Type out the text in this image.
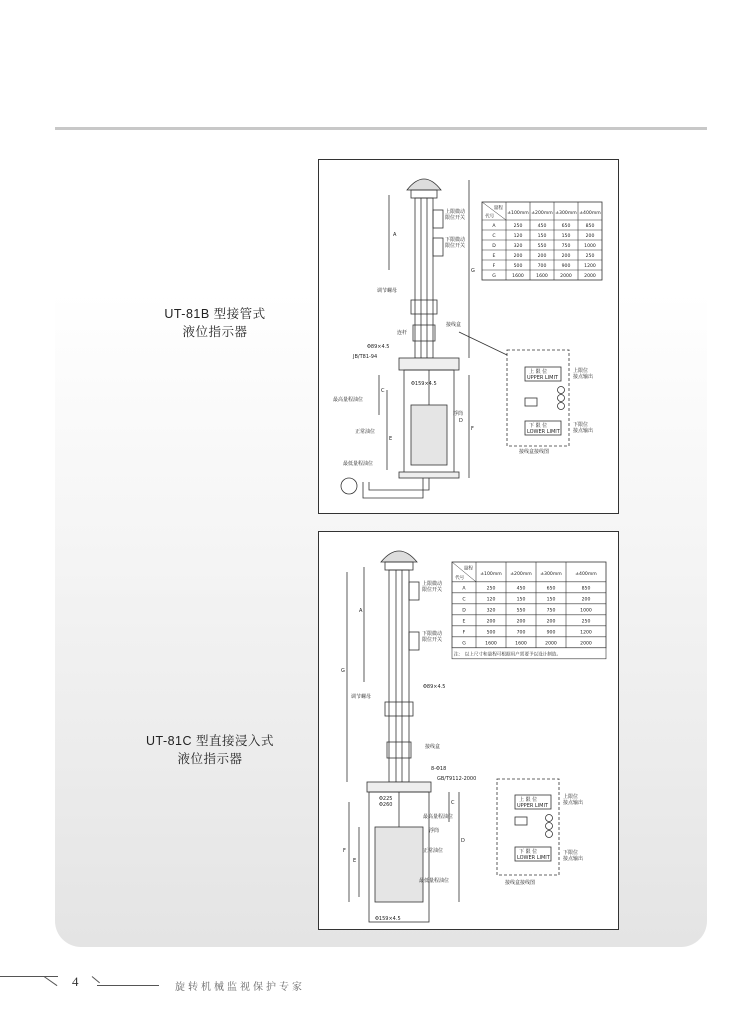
UT-81B 型接管式
液位指示器
UT-81C 型直接浸入式
液位指示器
上限微动限位开关
下限微动限位开关
调节螺母
连杆
接线盒
Φ89×4.5
JB/T81-94
Φ159×4.5
最高量程油位
正常油位
最低量程油位
浮筒
A
G
C
E
F
D
上 限 位
UPPER LIMIT
下 限 位
LOWER LIMIT
上限位接点输出
下限位接点输出
接线盒接线图
量程
代号
±100mm ±200mm ±300mm ±400mm
A	250	450	650	850
C	120	150	150	200
D	320	550	750	1000
E	200	200	200	250
F	500	700	900	1200
G	1600	1600	2000	2000
上限微动限位开关
下限微动限位开关
调节螺母
Φ89×4.5
接线盒
8-Φ18
GB/T9112-2000
Φ225
Φ260
最高量程油位
浮筒
正常油位
最低量程油位
Φ159×4.5
A
G
C
D
F
E
上 限 位
UPPER LIMIT
下 限 位
LOWER LIMIT
上限位接点输出
下限位接点输出
接线盒接线图
量程
代号
±100mm ±200mm ±300mm	±400mm
A	250	450	650	850
C	120	150	150	200
D	320	550	750	1000
E	200	200	200	250
F	500	700	900	1200
G	1600	1600	2000	2000
注： 以上尺寸和量程可根据用户需要予以设计制造。
4	旋转机械监视保护专家
